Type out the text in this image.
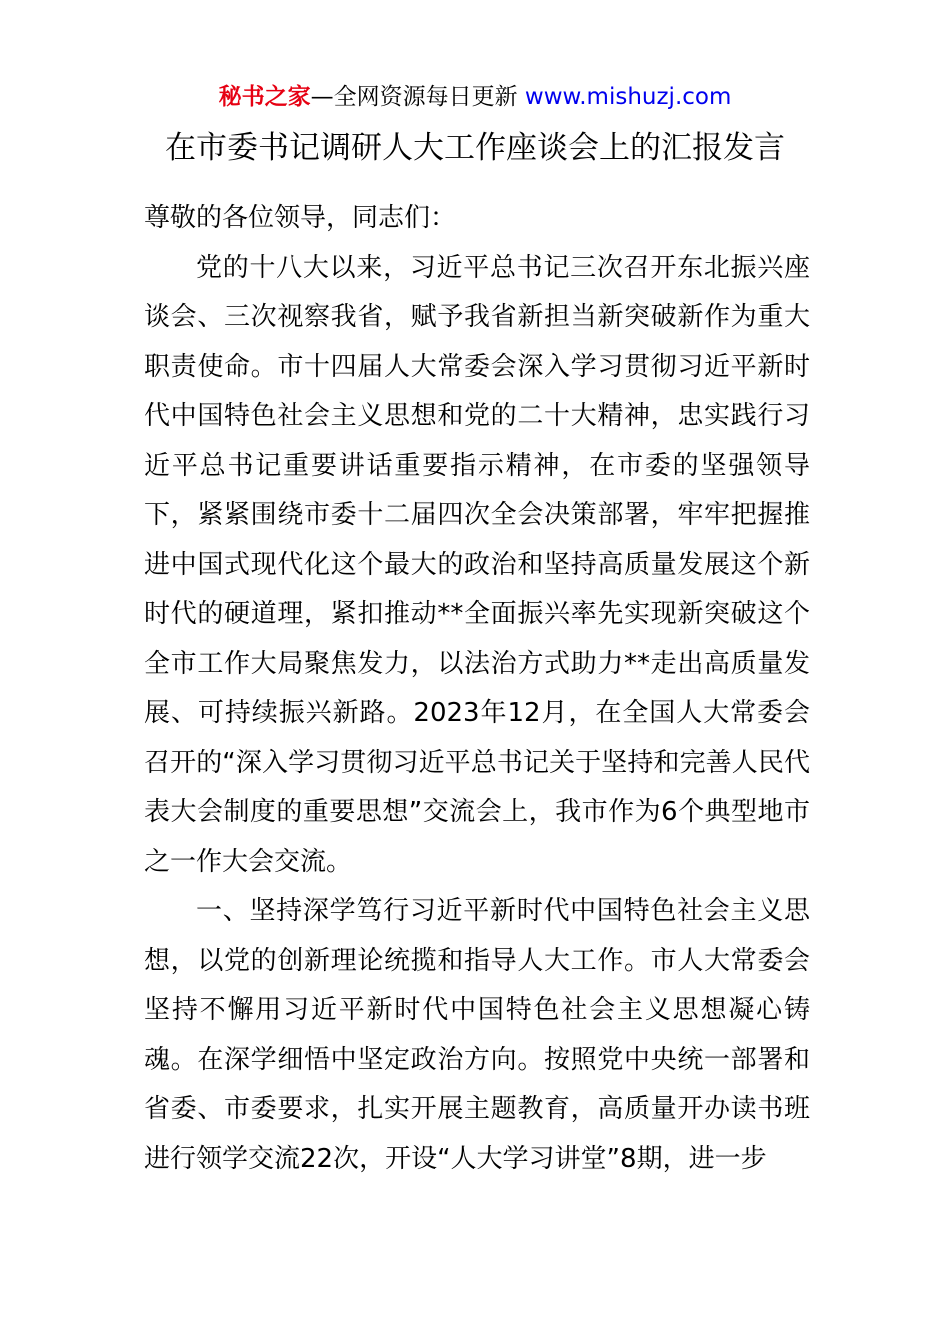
秘书之家—全网资源每日更新 www.mishuzj.com
在市委书记调研人大工作座谈会上的汇报发言

尊敬的各位领导，同志们：

党的十八大以来，习近平总书记三次召开东北振兴座谈会、三次视察我省，赋予我省新担当新突破新作为重大职责使命。市十四届人大常委会深入学习贯彻习近平新时代中国特色社会主义思想和党的二十大精神，忠实践行习近平总书记重要讲话重要指示精神，在市委的坚强领导下，紧紧围绕市委十二届四次全会决策部署，牢牢把握推进中国式现代化这个最大的政治和坚持高质量发展这个新时代的硬道理，紧扣推动**全面振兴率先实现新突破这个全市工作大局聚焦发力，以法治方式助力**走出高质量发展、可持续振兴新路。2023年12月，在全国人大常委会召开的“深入学习贯彻习近平总书记关于坚持和完善人民代表大会制度的重要思想”交流会上，我市作为6个典型地市之一作大会交流。

一、坚持深学笃行习近平新时代中国特色社会主义思想，以党的创新理论统揽和指导人大工作。市人大常委会坚持不懈用习近平新时代中国特色社会主义思想凝心铸魂。在深学细悟中坚定政治方向。按照党中央统一部署和省委、市委要求，扎实开展主题教育，高质量开办读书班进行领学交流22次，开设“人大学习讲堂”8期，进一步
